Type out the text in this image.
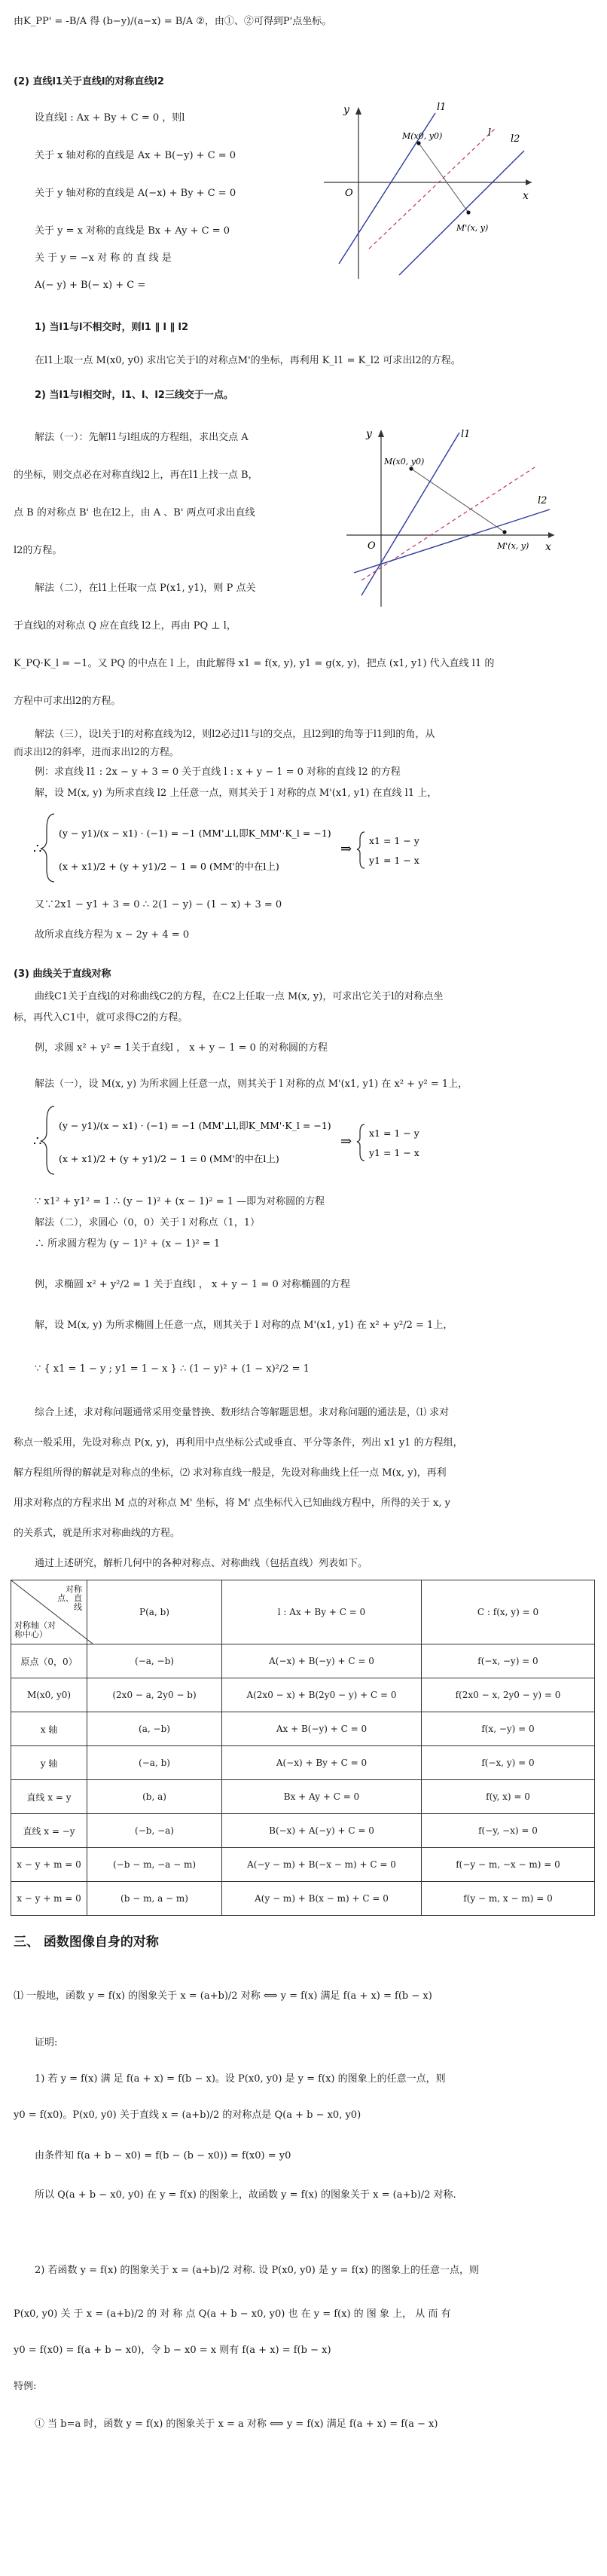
由K_PP' = -B/A 得 (b−y)/(a−x) = B/A ②，由①、②可得到P'点坐标。
(2) 直线l1关于直线l的对称直线l2
设直线l : Ax + By + C = 0 ，则l
关于 x 轴对称的直线是 Ax + B(−y) + C = 0
关于 y 轴对称的直线是 A(−x) + By + C = 0
关于 y = x 对称的直线是 Bx + Ay + C = 0
关 于 y = −x 对 称 的 直 线 是
A(− y) + B(− x) + C =
l1
l
l2
x
y
O
M(x0, y0)
M'(x, y)
1) 当l1与l不相交时，则l1 ∥ l ∥ l2
在l1上取一点 M(x0, y0) 求出它关于l的对称点M'的坐标，再利用 K_l1 = K_l2 可求出l2的方程。
2) 当l1与l相交时，l1、l、l2三线交于一点。
解法（一）：先解l1与l组成的方程组，求出交点 A
的坐标，则交点必在对称直线l2上，再在l1上找一点 B，
点 B 的对称点 B' 也在l2上，由 A 、B' 两点可求出直线
l2的方程。
解法（二），在l1上任取一点 P(x1, y1)，则 P 点关
于直线l的对称点 Q 应在直线 l2上，再由 PQ ⊥ l，
l1
l2
x
y
O
M(x0, y0)
M'(x, y)
K_PQ·K_l = −1。又 PQ 的中点在 l 上，由此解得 x1 = f(x, y), y1 = g(x, y)，把点 (x1, y1) 代入直线 l1 的
方程中可求出l2的方程。
解法（三），设l关于l的对称直线为l2，则l2必过l1与l的交点，且l2到l的角等于l1到l的角，从
而求出l2的斜率，进而求出l2的方程。
例：求直线 l1 : 2x − y + 3 = 0 关于直线 l : x + y − 1 = 0 对称的直线 l2 的方程
解，设 M(x, y) 为所求直线 l2 上任意一点，则其关于 l 对称的点 M'(x1, y1) 在直线 l1 上，
∴
(y − y1)/(x − x1) · (−1) = −1 (MM'⊥l,即K_MM'·K_l = −1)
(x + x1)/2 + (y + y1)/2 − 1 = 0 (MM'的中在l上)
⇒
x1 = 1 − y
y1 = 1 − x
又∵2x1 − y1 + 3 = 0 ∴ 2(1 − y) − (1 − x) + 3 = 0
故所求直线方程为 x − 2y + 4 = 0
(3) 曲线关于直线对称
曲线C1关于直线l的对称曲线C2的方程，在C2上任取一点 M(x, y)，可求出它关于l的对称点坐
标，再代入C1中，就可求得C2的方程。
例，求圆 x² + y² = 1关于直线l ， x + y − 1 = 0 的对称圆的方程
解法（一），设 M(x, y) 为所求圆上任意一点，则其关于 l 对称的点 M'(x1, y1) 在 x² + y² = 1上，
∴
(y − y1)/(x − x1) · (−1) = −1 (MM'⊥l,即K_MM'·K_l = −1)
(x + x1)/2 + (y + y1)/2 − 1 = 0 (MM'的中在l上)
⇒
x1 = 1 − y
y1 = 1 − x
∵ x1² + y1² = 1 ∴ (y − 1)² + (x − 1)² = 1 —即为对称圆的方程
解法（二），求圆心（0，0）关于 l 对称点（1，1）
∴ 所求圆方程为 (y − 1)² + (x − 1)² = 1
例，求椭圆 x² + y²/2 = 1 关于直线l ， x + y − 1 = 0 对称椭圆的方程
解，设 M(x, y) 为所求椭圆上任意一点，则其关于 l 对称的点 M'(x1, y1) 在 x² + y²/2 = 1上，
∵ { x1 = 1 − y ; y1 = 1 − x } ∴ (1 − y)² + (1 − x)²/2 = 1
综合上述，求对称问题通常采用变量替换、数形结合等解题思想。求对称问题的通法是，⑴ 求对
称点一般采用，先设对称点 P(x, y)，再利用中点坐标公式或垂直、平分等条件，列出 x1 y1 的方程组，
解方程组所得的解就是对称点的坐标，⑵ 求对称直线一般是，先设对称曲线上任一点 M(x, y)，再利
用求对称点的方程求出 M 点的对称点 M' 坐标，将 M' 点坐标代入已知曲线方程中，所得的关于 x, y
的关系式，就是所求对称曲线的方程。
通过上述研究，解析几何中的各种对称点、对称曲线（包括直线）列表如下。
对称点、直线
对称轴（对称中心）	P(a, b)	l : Ax + By + C = 0	C : f(x, y) = 0
原点（0，0）	(−a, −b)	A(−x) + B(−y) + C = 0	f(−x, −y) = 0
M(x0, y0)	(2x0 − a, 2y0 − b)	A(2x0 − x) + B(2y0 − y) + C = 0	f(2x0 − x, 2y0 − y) = 0
x 轴	(a, −b)	Ax + B(−y) + C = 0	f(x, −y) = 0
y 轴	(−a, b)	A(−x) + By + C = 0	f(−x, y) = 0
直线 x = y	(b, a)	Bx + Ay + C = 0	f(y, x) = 0
直线 x = −y	(−b, −a)	B(−x) + A(−y) + C = 0	f(−y, −x) = 0
x − y + m = 0	(−b − m, −a − m)	A(−y − m) + B(−x − m) + C = 0	f(−y − m, −x − m) = 0
x − y + m = 0	(b − m, a − m)	A(y − m) + B(x − m) + C = 0	f(y − m, x − m) = 0
三、 函数图像自身的对称
⑴ 一般地，函数 y = f(x) 的图象关于 x = (a+b)/2 对称 ⟺ y = f(x) 满足 f(a + x) = f(b − x)
证明:
1) 若 y = f(x) 满 足 f(a + x) = f(b − x)。设 P(x0, y0) 是 y = f(x) 的图象上的任意一点，则
y0 = f(x0)。P(x0, y0) 关于直线 x = (a+b)/2 的对称点是 Q(a + b − x0, y0)
由条件知 f(a + b − x0) = f(b − (b − x0)) = f(x0) = y0
所以 Q(a + b − x0, y0) 在 y = f(x) 的图象上，故函数 y = f(x) 的图象关于 x = (a+b)/2 对称.
2) 若函数 y = f(x) 的图象关于 x = (a+b)/2 对称. 设 P(x0, y0) 是 y = f(x) 的图象上的任意一点，则
P(x0, y0) 关 于 x = (a+b)/2 的 对 称 点 Q(a + b − x0, y0) 也 在 y = f(x) 的 图 象 上， 从 而 有
y0 = f(x0) = f(a + b − x0)，令 b − x0 = x 则有 f(a + x) = f(b − x)
特例:
① 当 b=a 时，函数 y = f(x) 的图象关于 x = a 对称 ⟺ y = f(x) 满足 f(a + x) = f(a − x)
